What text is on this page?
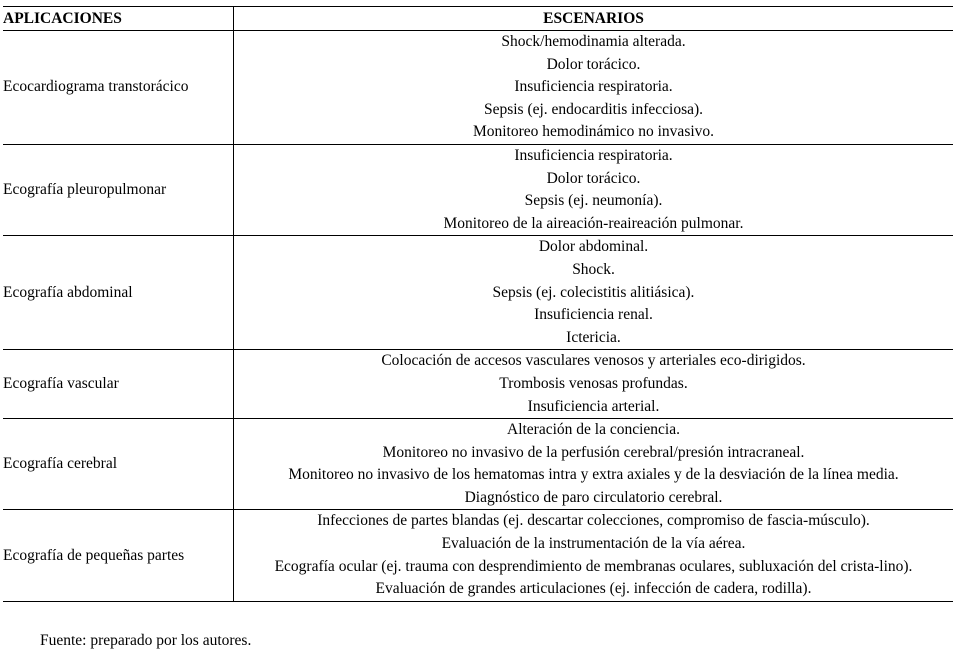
APLICACIONES	ESCENARIOS
Ecocardiograma transtorácico	Shock/hemodinamia alterada.
Dolor torácico.
Insuficiencia respiratoria.
Sepsis (ej. endocarditis infecciosa).
Monitoreo hemodinámico no invasivo.

Ecografía pleuropulmonar	Insuficiencia respiratoria.
Dolor torácico.
Sepsis (ej. neumonía).
Monitoreo de la aireación-reaireación pulmonar.

Ecografía abdominal	Dolor abdominal.
Shock.
Sepsis (ej. colecistitis alitiásica).
Insuficiencia renal.
Ictericia.

Ecografía vascular	Colocación de accesos vasculares venosos y arteriales eco-dirigidos.
Trombosis venosas profundas.
Insuficiencia arterial.

Ecografía cerebral	Alteración de la conciencia.
Monitoreo no invasivo de la perfusión cerebral/presión intracraneal.
Monitoreo no invasivo de los hematomas intra y extra axiales y de la desviación de la línea media.
Diagnóstico de paro circulatorio cerebral.

Ecografía de pequeñas partes	Infecciones de partes blandas (ej. descartar colecciones, compromiso de fascia-músculo).
Evaluación de la instrumentación de la vía aérea.
Ecografía ocular (ej. trauma con desprendimiento de membranas oculares, subluxación del crista-lino).
Evaluación de grandes articulaciones (ej. infección de cadera, rodilla).
Fuente: preparado por los autores.
